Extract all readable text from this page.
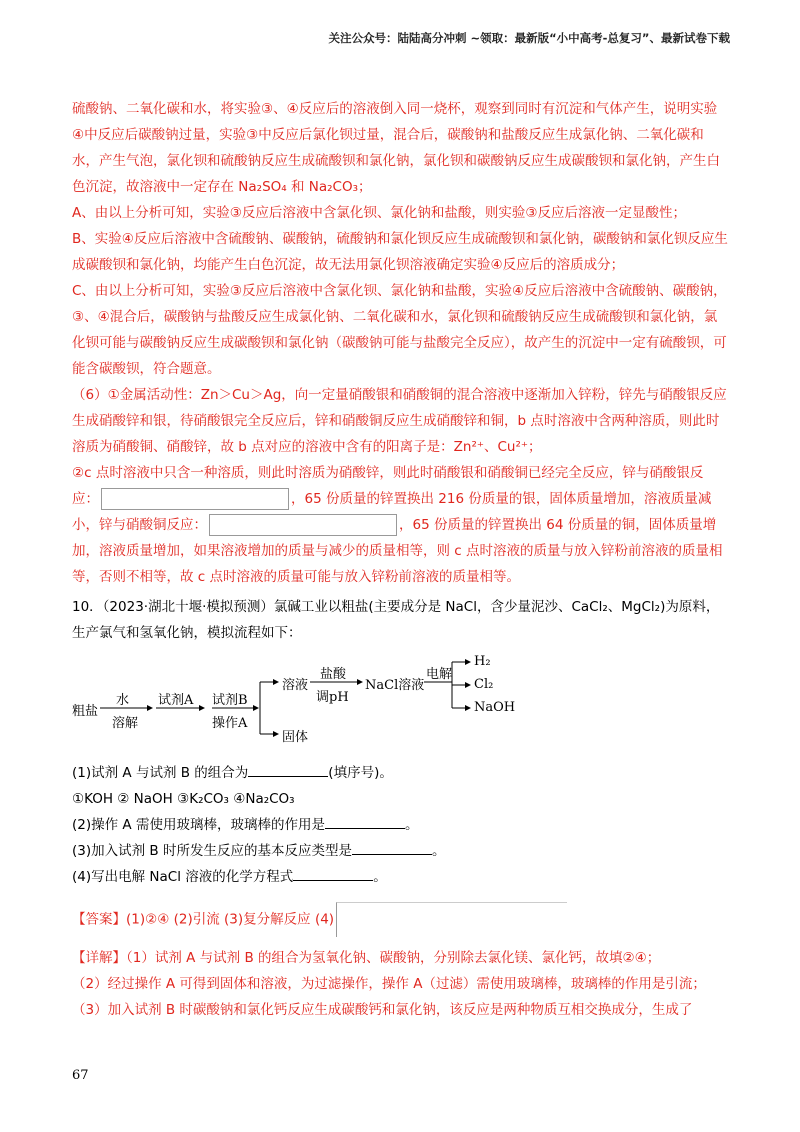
关注公众号：陆陆高分冲刺 ~领取：最新版“小中高考-总复习”、最新试卷下载

硫酸钠、二氧化碳和水，将实验③、④反应后的溶液倒入同一烧杯，观察到同时有沉淀和气体产生，说明实验④中反应后碳酸钠过量，实验③中反应后氯化钡过量，混合后，碳酸钠和盐酸反应生成氯化钠、二氧化碳和水，产生气泡，氯化钡和硫酸钠反应生成硫酸钡和氯化钠，氯化钡和碳酸钠反应生成碳酸钡和氯化钠，产生白色沉淀，故溶液中一定存在 Na₂SO₄ 和 Na₂CO₃；

A、由以上分析可知，实验③反应后溶液中含氯化钡、氯化钠和盐酸，则实验③反应后溶液一定显酸性；

B、实验④反应后溶液中含硫酸钠、碳酸钠，硫酸钠和氯化钡反应生成硫酸钡和氯化钠，碳酸钠和氯化钡反应生成碳酸钡和氯化钠，均能产生白色沉淀，故无法用氯化钡溶液确定实验④反应后的溶质成分；

C、由以上分析可知，实验③反应后溶液中含氯化钡、氯化钠和盐酸，实验④反应后溶液中含硫酸钠、碳酸钠，③、④混合后，碳酸钠与盐酸反应生成氯化钠、二氧化碳和水，氯化钡和硫酸钠反应生成硫酸钡和氯化钠，氯化钡可能与碳酸钠反应生成碳酸钡和氯化钠（碳酸钠可能与盐酸完全反应），故产生的沉淀中一定有硫酸钡，可能含碳酸钡，符合题意。

（6）①金属活动性：Zn＞Cu＞Ag，向一定量硝酸银和硝酸铜的混合溶液中逐渐加入锌粉，锌先与硝酸银反应生成硝酸锌和银，待硝酸银完全反应后，锌和硝酸铜反应生成硝酸锌和铜，b 点时溶液中含两种溶质，则此时溶质为硝酸铜、硝酸锌，故 b 点对应的溶液中含有的阳离子是：Zn²⁺、Cu²⁺；

②c 点时溶液中只含一种溶质，则此时溶质为硝酸锌，则此时硝酸银和硝酸铜已经完全反应，锌与硝酸银反应：	，65 份质量的锌置换出 216 份质量的银，固体质量增加，溶液质量减小，锌与硝酸铜反应：	，65 份质量的锌置换出 64 份质量的铜，固体质量增加，溶液质量增加，如果溶液增加的质量与减少的质量相等，则 c 点时溶液的质量与放入锌粉前溶液的质量相等，否则不相等，故 c 点时溶液的质量可能与放入锌粉前溶液的质量相等。

10．（2023·湖北十堰·模拟预测）氯碱工业以粗盐(主要成分是 NaCl，含少量泥沙、CaCl₂、MgCl₂)为原料，生产氯气和氢氧化钠，模拟流程如下：

粗盐
水
溶解
试剂A 试剂B
操作A
溶液
固体
盐酸
调pH
NaCl溶液
电解
H₂
Cl₂
NaOH

(1)试剂 A 与试剂 B 的组合为	(填序号)。

①KOH ② NaOH ③K₂CO₃ ④Na₂CO₃

(2)操作 A 需使用玻璃棒，玻璃棒的作用是	。

(3)加入试剂 B 时所发生反应的基本反应类型是	。

(4)写出电解 NaCl 溶液的化学方程式	。

【答案】(1)②④ (2)引流 (3)复分解反应 (4)

【详解】（1）试剂 A 与试剂 B 的组合为氢氧化钠、碳酸钠，分别除去氯化镁、氯化钙，故填②④；

（2）经过操作 A 可得到固体和溶液，为过滤操作，操作 A（过滤）需使用玻璃棒，玻璃棒的作用是引流；

（3）加入试剂 B 时碳酸钠和氯化钙反应生成碳酸钙和氯化钠，该反应是两种物质互相交换成分，生成了

67
